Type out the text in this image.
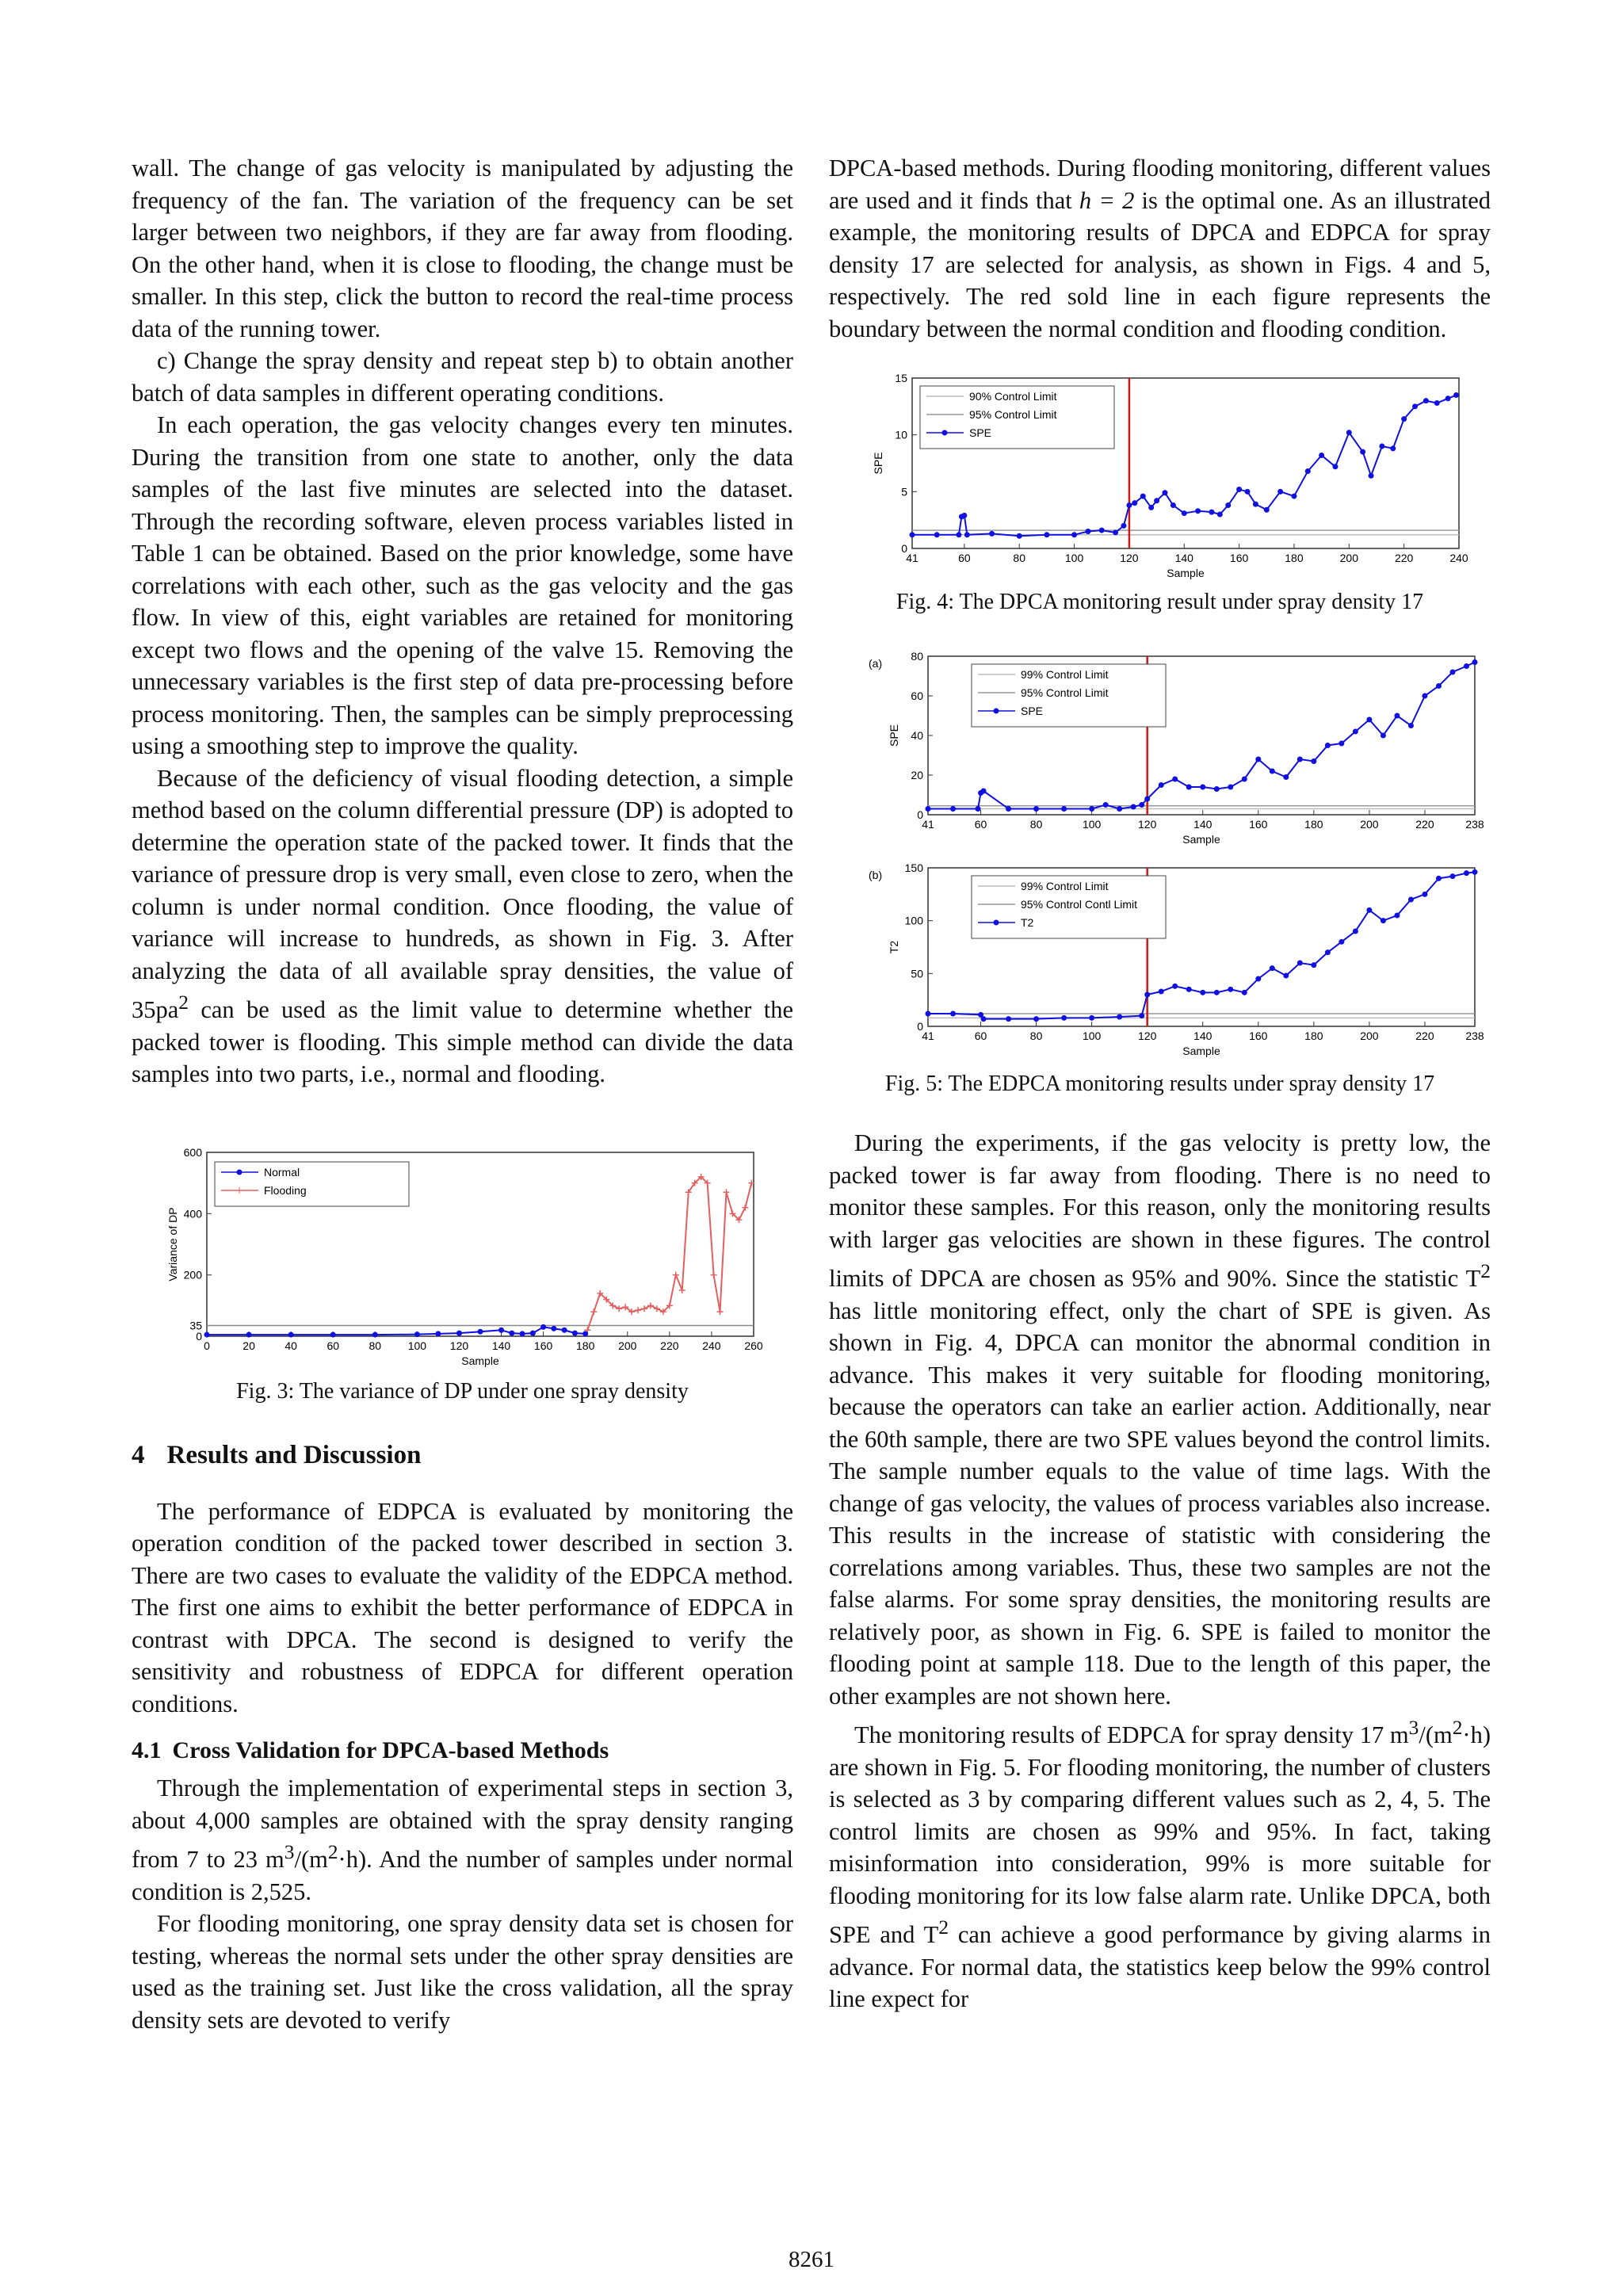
wall. The change of gas velocity is manipulated by adjusting the frequency of the fan. The variation of the frequency can be set larger between two neighbors, if they are far away from flooding. On the other hand, when it is close to flooding, the change must be smaller. In this step, click the button to record the real-time process data of the running tower.

c) Change the spray density and repeat step b) to obtain another batch of data samples in different operating conditions.

In each operation, the gas velocity changes every ten minutes. During the transition from one state to another, only the data samples of the last five minutes are selected into the dataset. Through the recording software, eleven process variables listed in Table 1 can be obtained. Based on the prior knowledge, some have correlations with each other, such as the gas velocity and the gas flow. In view of this, eight variables are retained for monitoring except two flows and the opening of the valve 15. Removing the unnecessary variables is the first step of data pre-processing before process monitoring. Then, the samples can be simply preprocessing using a smoothing step to improve the quality.

Because of the deficiency of visual flooding detection, a simple method based on the column differential pressure (DP) is adopted to determine the operation state of the packed tower. It finds that the variance of pressure drop is very small, even close to zero, when the column is under normal condition. Once flooding, the value of variance will increase to hundreds, as shown in Fig. 3. After analyzing the data of all available spray densities, the value of $35pa^2$ can be used as the limit value to determine whether the packed tower is flooding. This simple method can divide the data samples into two parts, i.e., normal and flooding.

0	20	40	60	80 100 120 140 160 180 200 220 240 260
0
35
200
400
600
Sample
Variance of DP
Normal
Flooding
Fig. 3: The variance of DP under one spray density
4 Results and Discussion

The performance of EDPCA is evaluated by monitoring the operation condition of the packed tower described in section 3. There are two cases to evaluate the validity of the EDPCA method. The first one aims to exhibit the better performance of EDPCA in contrast with DPCA. The second is designed to verify the sensitivity and robustness of EDPCA for different operation conditions.

4.1 Cross Validation for DPCA-based Methods

Through the implementation of experimental steps in section 3, about 4,000 samples are obtained with the spray density ranging from 7 to 23 $m^3/(m^2\cdot h)$. And the number of samples under normal condition is 2,525.

For flooding monitoring, one spray density data set is chosen for testing, whereas the normal sets under the other spray densities are used as the training set. Just like the cross validation, all the spray density sets are devoted to verify

DPCA-based methods. During flooding monitoring, different values are used and it finds that h = 2 is the optimal one. As an illustrated example, the monitoring results of DPCA and EDPCA for spray density 17 are selected for analysis, as shown in Figs. 4 and 5, respectively. The red sold line in each figure represents the boundary between the normal condition and flooding condition.

41	60	80	100	120	140	160	180	200	220	240
0
5
10
15
Sample
SPE
90% Control Limit
95% Control Limit
SPE
Fig. 4: The DPCA monitoring result under spray density 17
41	60	80	100	120	140	160	180	200	220	238
0
20
40
60
80
Sample
SPE
(a)
99% Control Limit
95% Control Limit
SPE
41	60	80	100	120	140	160	180	200	220	238
0
50
100
150
Sample
T2
(b)
99% Control Limit
95% Control Contl Limit
T2
Fig. 5: The EDPCA monitoring results under spray density 17

During the experiments, if the gas velocity is pretty low, the packed tower is far away from flooding. There is no need to monitor these samples. For this reason, only the monitoring results with larger gas velocities are shown in these figures. The control limits of DPCA are chosen as 95% and 90%. Since the statistic $T^2$ has little monitoring effect, only the chart of SPE is given. As shown in Fig. 4, DPCA can monitor the abnormal condition in advance. This makes it very suitable for flooding monitoring, because the operators can take an earlier action. Additionally, near the 60th sample, there are two SPE values beyond the control limits. The sample number equals to the value of time lags. With the change of gas velocity, the values of process variables also increase. This results in the increase of statistic with considering the correlations among variables. Thus, these two samples are not the false alarms. For some spray densities, the monitoring results are relatively poor, as shown in Fig. 6. SPE is failed to monitor the flooding point at sample 118. Due to the length of this paper, the other examples are not shown here.

The monitoring results of EDPCA for spray density 17 $m^3/(m^2\cdot h)$ are shown in Fig. 5. For flooding monitoring, the number of clusters is selected as 3 by comparing different values such as 2, 4, 5. The control limits are chosen as 99% and 95%. In fact, taking misinformation into consideration, 99% is more suitable for flooding monitoring for its low false alarm rate. Unlike DPCA, both SPE and $T^2$ can achieve a good performance by giving alarms in advance. For normal data, the statistics keep below the 99% control line expect for

8261
